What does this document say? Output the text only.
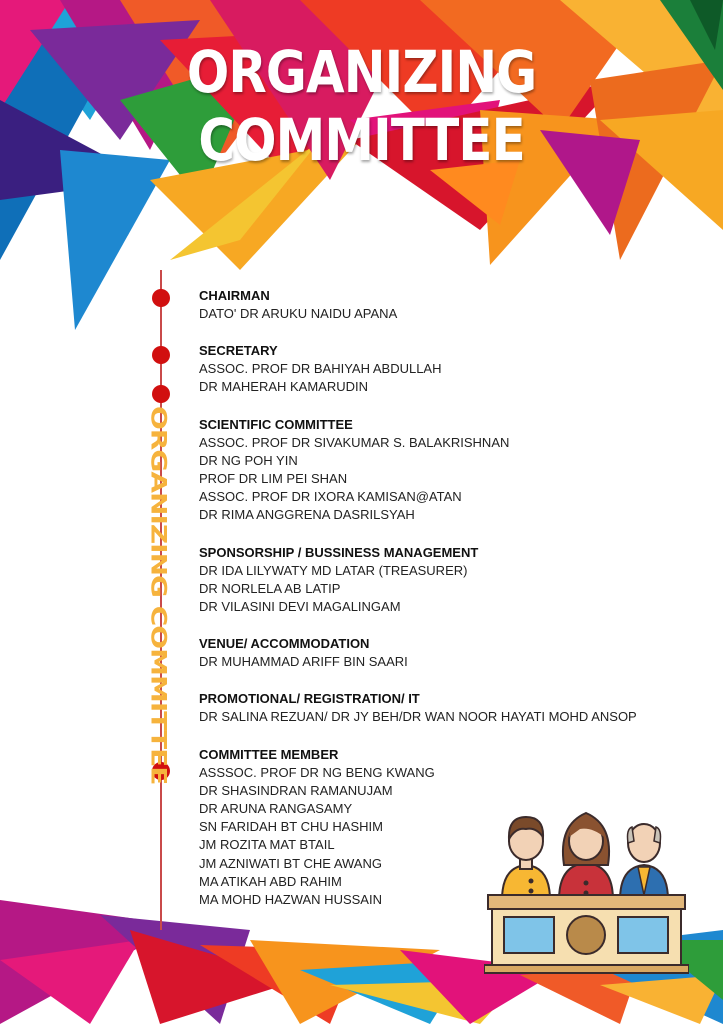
ORGANIZING COMMITTEE
ORGANIZING COMMITTEE

CHAIRMAN

DATO' DR ARUKU NAIDU APANA

SECRETARY

ASSOC. PROF DR BAHIYAH ABDULLAH

DR MAHERAH KAMARUDIN

SCIENTIFIC COMMITTEE

ASSOC. PROF DR SIVAKUMAR S. BALAKRISHNAN

DR NG POH YIN

PROF DR LIM PEI SHAN

ASSOC. PROF DR IXORA KAMISAN@ATAN

DR RIMA ANGGRENA DASRILSYAH

SPONSORSHIP / BUSSINESS MANAGEMENT

DR IDA LILYWATY MD LATAR (TREASURER)

DR NORLELA AB LATIP

DR VILASINI DEVI MAGALINGAM

VENUE/ ACCOMMODATION

DR MUHAMMAD ARIFF BIN SAARI

PROMOTIONAL/ REGISTRATION/ IT

DR SALINA REZUAN/ DR JY BEH/DR WAN NOOR HAYATI MOHD ANSOP

COMMITTEE MEMBER

ASSSOC. PROF DR NG BENG KWANG

DR SHASINDRAN RAMANUJAM

DR ARUNA RANGASAMY

SN FARIDAH BT CHU HASHIM

JM ROZITA MAT BTAIL

JM AZNIWATI BT CHE AWANG

MA ATIKAH ABD RAHIM

MA MOHD HAZWAN HUSSAIN
